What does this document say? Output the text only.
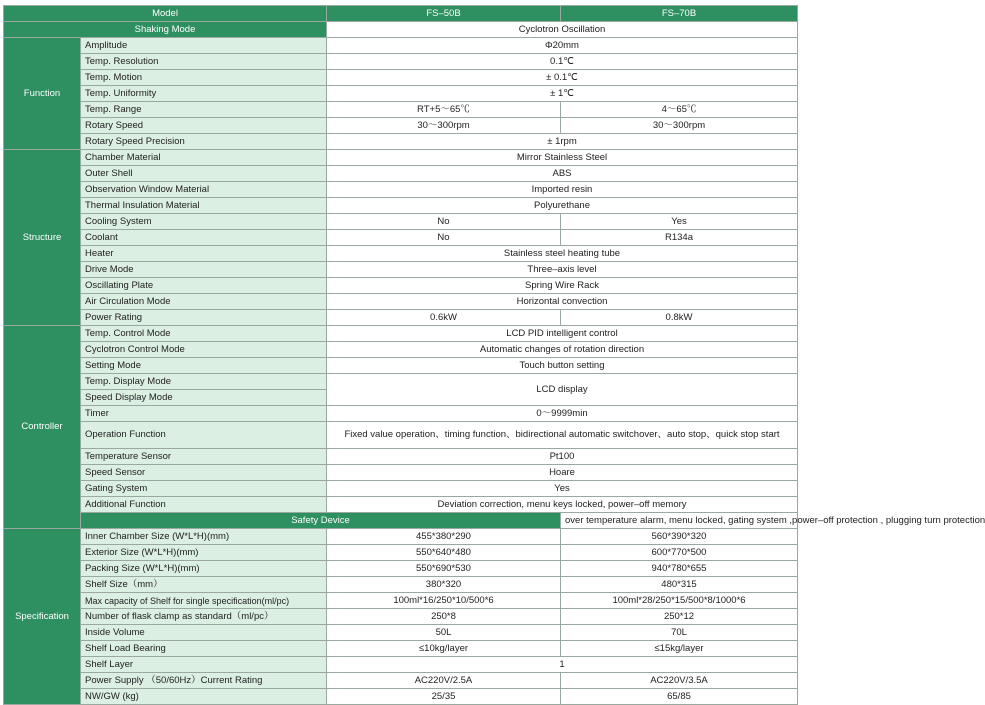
Model		FS–50B	FS–70B
Shaking Mode		Cyclotron Oscillation	
Function	Amplitude	Φ20mm	
	Temp. Resolution	0.1℃	
	Temp. Motion	± 0.1℃	
	Temp. Uniformity	± 1℃	
	Temp. Range	RT+5～65℃	4～65℃
	Rotary Speed	30～300rpm	30～300rpm
	Rotary Speed Precision	± 1rpm	
Structure	Chamber Material	Mirror Stainless Steel	
	Outer Shell	ABS	
	Observation Window Material	Imported resin	
	Thermal Insulation Material	Polyurethane	
	Cooling System	No	Yes
	Coolant	No	R134a
	Heater	Stainless steel heating tube	
	Drive Mode	Three–axis level	
	Oscillating Plate	Spring Wire Rack	
	Air Circulation Mode	Horizontal convection	
	Power Rating	0.6kW	0.8kW
Controller	Temp. Control Mode	LCD PID intelligent control	
	Cyclotron Control Mode	Automatic changes of rotation direction	
	Setting Mode	Touch button setting	
	Temp. Display Mode	LCD display	
	Speed Display Mode		
	Timer	0～9999min	
	Operation Function	Fixed value operation、timing function、bidirectional automatic switchover、auto stop、quick stop start	
	Temperature Sensor	Pt100	
	Speed Sensor	Hoare	
	Gating System	Yes	
	Additional Function	Deviation correction, menu keys locked, power–off memory	
	Safety Device		over temperature alarm, menu locked, gating system ,power–off protection , plugging turn protection
Specification	Inner Chamber Size (W*L*H)(mm)	455*380*290	560*390*320
	Exterior Size (W*L*H)(mm)	550*640*480	600*770*500
	Packing Size (W*L*H)(mm)	550*690*530	940*780*655
	Shelf Size（mm）	380*320	480*315
	Max capacity of Shelf for single specification(ml/pc)	100ml*16/250*10/500*6	100ml*28/250*15/500*8/1000*6
	Number of flask clamp as standard（ml/pc）	250*8	250*12
	Inside Volume	50L	70L
	Shelf Load Bearing	≤10kg/layer	≤15kg/layer
	Shelf Layer	1	
	Power Supply （50/60Hz）Current Rating	AC220V/2.5A	AC220V/3.5A
	NW/GW (kg)	25/35	65/85
